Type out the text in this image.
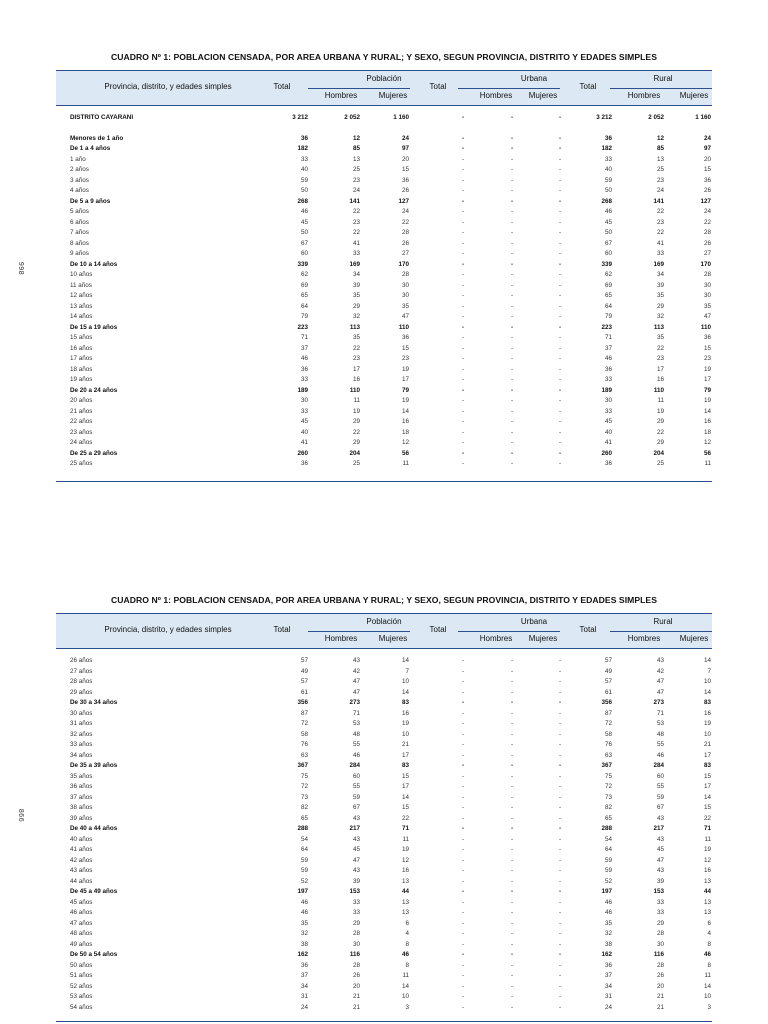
CUADRO Nº 1: POBLACION CENSADA, POR AREA URBANA Y RURAL; Y SEXO, SEGUN PROVINCIA, DISTRITO Y EDADES SIMPLES
Provincia, distrito, y edades simples	Total
Población
Total
Urbana
Total
Rural
Hombres	Mujeres	Hombres	Mujeres	Hombres	Mujeres
998
DISTRITO CAYARANI	3 212	2 052	1 160	-	-	-	3 212	2 052	1 160
Menores de 1 año	36	12	24	-	-	-	36	12	24
De 1 a 4 años	182	85	97	-	-	-	182	85	97
1 año	33	13	20	-	-	-	33	13	20
2 años	40	25	15	-	-	-	40	25	15
3 años	59	23	36	-	-	-	59	23	36
4 años	50	24	26	-	-	-	50	24	26
De 5 a 9 años	268	141	127	-	-	-	268	141	127
5 años	46	22	24	-	-	-	46	22	24
6 años	45	23	22	-	-	-	45	23	22
7 años	50	22	28	-	-	-	50	22	28
8 años	67	41	26	-	-	-	67	41	26
9 años	60	33	27	-	-	-	60	33	27
De 10 a 14 años	339	169	170	-	-	-	339	169	170
10 años	62	34	28	-	-	-	62	34	28
11 años	69	39	30	-	-	-	69	39	30
12 años	65	35	30	-	-	-	65	35	30
13 años	64	29	35	-	-	-	64	29	35
14 años	79	32	47	-	-	-	79	32	47
De 15 a 19 años	223	113	110	-	-	-	223	113	110
15 años	71	35	36	-	-	-	71	35	36
16 años	37	22	15	-	-	-	37	22	15
17 años	46	23	23	-	-	-	46	23	23
18 años	36	17	19	-	-	-	36	17	19
19 años	33	16	17	-	-	-	33	16	17
De 20 a 24 años	189	110	79	-	-	-	189	110	79
20 años	30	11	19	-	-	-	30	11	19
21 años	33	19	14	-	-	-	33	19	14
22 años	45	29	16	-	-	-	45	29	16
23 años	40	22	18	-	-	-	40	22	18
24 años	41	29	12	-	-	-	41	29	12
De 25 a 29 años	260	204	56	-	-	-	260	204	56
25 años	36	25	11	-	-	-	36	25	11
CUADRO Nº 1: POBLACION CENSADA, POR AREA URBANA Y RURAL; Y SEXO, SEGUN PROVINCIA, DISTRITO Y EDADES SIMPLES
Provincia, distrito, y edades simples	Total
Población
Total
Urbana
Total
Rural
Hombres	Mujeres	Hombres	Mujeres	Hombres	Mujeres
866
26 años	57	43	14	-	-	-	57	43	14
27 años	49	42	7	-	-	-	49	42	7
28 años	57	47	10	-	-	-	57	47	10
29 años	61	47	14	-	-	-	61	47	14
De 30 a 34 años	356	273	83	-	-	-	356	273	83
30 años	87	71	16	-	-	-	87	71	16
31 años	72	53	19	-	-	-	72	53	19
32 años	58	48	10	-	-	-	58	48	10
33 años	76	55	21	-	-	-	76	55	21
34 años	63	46	17	-	-	-	63	46	17
De 35 a 39 años	367	284	83	-	-	-	367	284	83
35 años	75	60	15	-	-	-	75	60	15
36 años	72	55	17	-	-	-	72	55	17
37 años	73	59	14	-	-	-	73	59	14
38 años	82	67	15	-	-	-	82	67	15
39 años	65	43	22	-	-	-	65	43	22
De 40 a 44 años	288	217	71	-	-	-	288	217	71
40 años	54	43	11	-	-	-	54	43	11
41 años	64	45	19	-	-	-	64	45	19
42 años	59	47	12	-	-	-	59	47	12
43 años	59	43	16	-	-	-	59	43	16
44 años	52	39	13	-	-	-	52	39	13
De 45 a 49 años	197	153	44	-	-	-	197	153	44
45 años	46	33	13	-	-	-	46	33	13
46 años	46	33	13	-	-	-	46	33	13
47 años	35	29	6	-	-	-	35	29	6
48 años	32	28	4	-	-	-	32	28	4
49 años	38	30	8	-	-	-	38	30	8
De 50 a 54 años	162	116	46	-	-	-	162	116	46
50 años	36	28	8	-	-	-	36	28	8
51 años	37	26	11	-	-	-	37	26	11
52 años	34	20	14	-	-	-	34	20	14
53 años	31	21	10	-	-	-	31	21	10
54 años	24	21	3	-	-	-	24	21	3
